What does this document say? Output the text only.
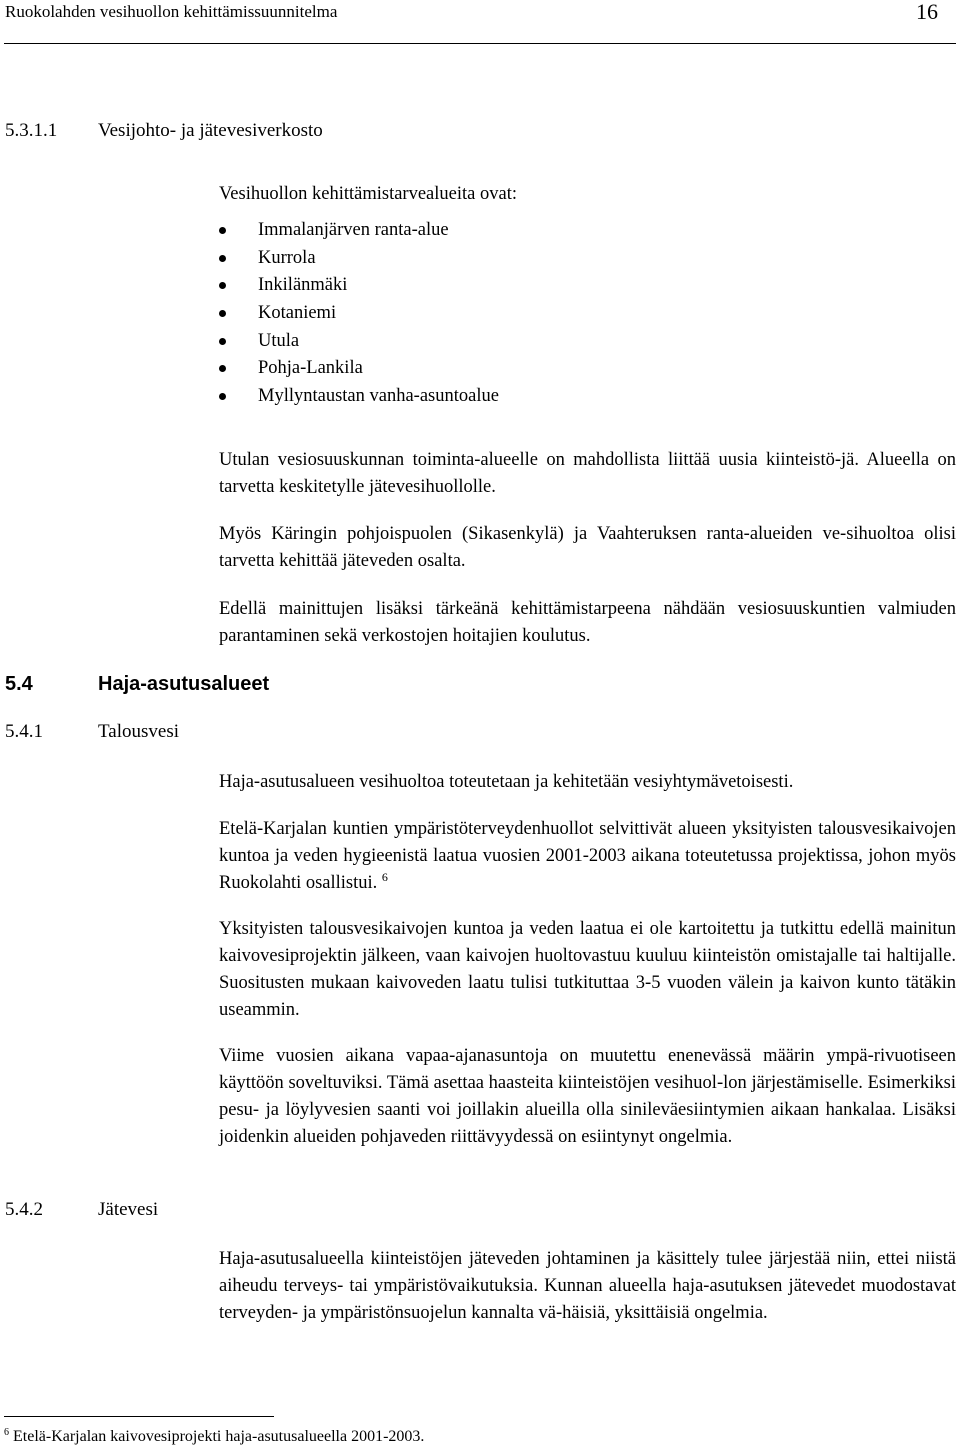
Ruokolahden vesihuollon kehittämissuunnitelma	16
5.3.1.1 Vesijohto- ja jätevesiverkosto

Vesihuollon kehittämistarvealueita ovat:

Immalanjärven ranta-alue
Kurrola
Inkilänmäki
Kotaniemi
Utula
Pohja-Lankila
Myllyntaustan vanha-asuntoalue

Utulan vesiosuuskunnan toiminta-alueelle on mahdollista liittää uusia kiinteistö-jä. Alueella on tarvetta keskitetylle jätevesihuollolle.

Myös Käringin pohjoispuolen (Sikasenkylä) ja Vaahteruksen ranta-alueiden ve-sihuoltoa olisi tarvetta kehittää jäteveden osalta.

Edellä mainittujen lisäksi tärkeänä kehittämistarpeena nähdään vesiosuuskuntien valmiuden parantaminen sekä verkostojen hoitajien koulutus.

5.4	Haja-asutusalueet
5.4.1	Talousvesi

Haja-asutusalueen vesihuoltoa toteutetaan ja kehitetään vesiyhtymävetoisesti.

Etelä-Karjalan kuntien ympäristöterveydenhuollot selvittivät alueen yksityisten talousvesikaivojen kuntoa ja veden hygieenistä laatua vuosien 2001-2003 aikana toteutetussa projektissa, johon myös Ruokolahti osallistui. $^6$

Yksityisten talousvesikaivojen kuntoa ja veden laatua ei ole kartoitettu ja tutkittu edellä mainitun kaivovesiprojektin jälkeen, vaan kaivojen huoltovastuu kuuluu kiinteistön omistajalle tai haltijalle. Suositusten mukaan kaivoveden laatu tulisi tutkituttaa 3-5 vuoden välein ja kaivon kunto tätäkin useammin.

Viime vuosien aikana vapaa-ajanasuntoja on muutettu enenevässä määrin ympä-rivuotiseen käyttöön soveltuviksi. Tämä asettaa haasteita kiinteistöjen vesihuol-lon järjestämiselle. Esimerkiksi pesu- ja löylyvesien saanti voi joillakin alueilla olla sinileväesiintymien aikaan hankalaa. Lisäksi joidenkin alueiden pohjaveden riittävyydessä on esiintynyt ongelmia.

5.4.2	Jätevesi

Haja-asutusalueella kiinteistöjen jäteveden johtaminen ja käsittely tulee järjestää niin, ettei niistä aiheudu terveys- tai ympäristövaikutuksia. Kunnan alueella haja-asutuksen jätevedet muodostavat terveyden- ja ympäristönsuojelun kannalta vä-häisiä, yksittäisiä ongelmia.

$^6$ Etelä-Karjalan kaivovesiprojekti haja-asutusalueella 2001-2003.
